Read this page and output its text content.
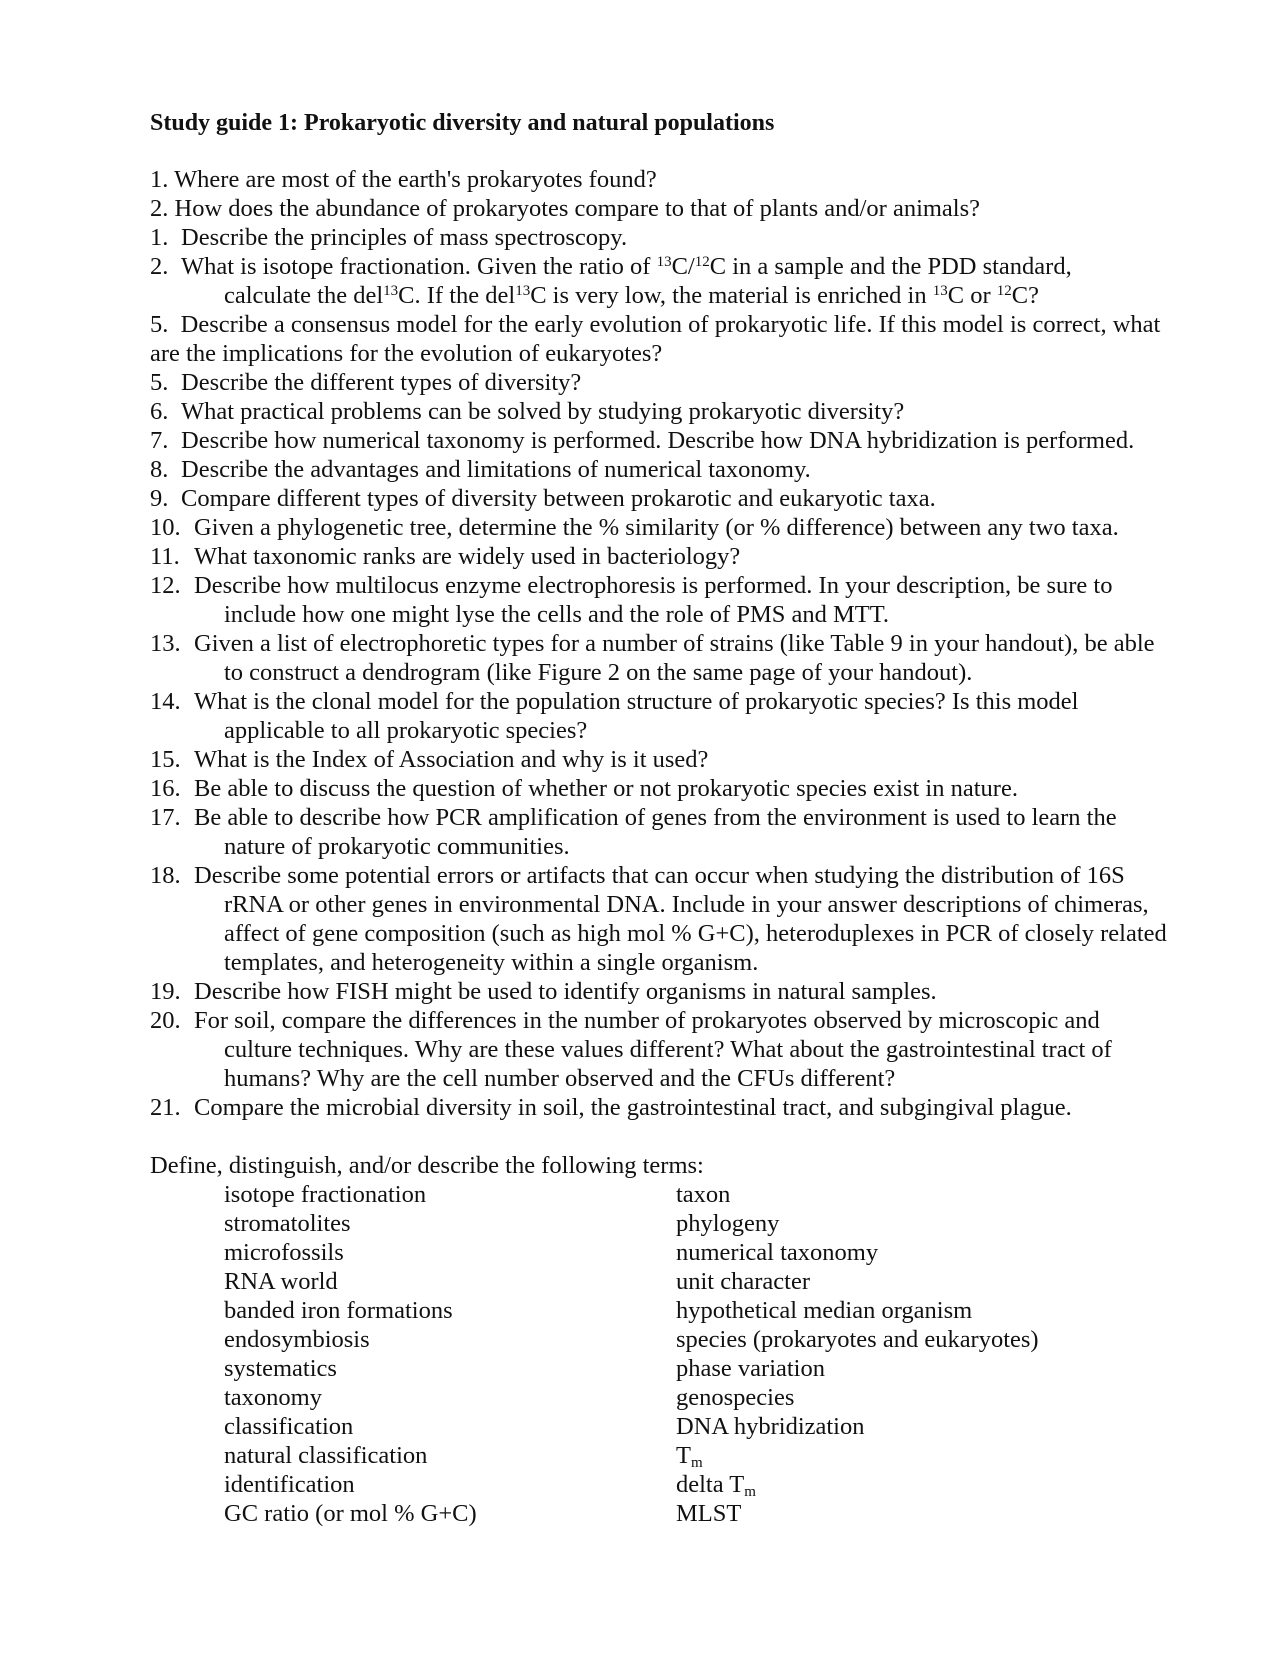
Study guide 1: Prokaryotic diversity and natural populations
1. Where are most of the earth's prokaryotes found?
2. How does the abundance of prokaryotes compare to that of plants and/or animals?
1. Describe the principles of mass spectroscopy.
2. What is isotope fractionation. Given the ratio of $^{13}$C/$^{12}$C in a sample and the PDD standard,
calculate the del$^{13}$C. If the del$^{13}$C is very low, the material is enriched in $^{13}$C or $^{12}$C?
5. Describe a consensus model for the early evolution of prokaryotic life. If this model is correct, what are the implications for the evolution of eukaryotes?
5. Describe the different types of diversity?
6. What practical problems can be solved by studying prokaryotic diversity?
7. Describe how numerical taxonomy is performed. Describe how DNA hybridization is performed.
8. Describe the advantages and limitations of numerical taxonomy.
9. Compare different types of diversity between prokarotic and eukaryotic taxa.
10. Given a phylogenetic tree, determine the % similarity (or % difference) between any two taxa.
11. What taxonomic ranks are widely used in bacteriology?
12. Describe how multilocus enzyme electrophoresis is performed. In your description, be sure to include how one might lyse the cells and the role of PMS and MTT.
13. Given a list of electrophoretic types for a number of strains (like Table 9 in your handout), be able to construct a dendrogram (like Figure 2 on the same page of your handout).
14. What is the clonal model for the population structure of prokaryotic species? Is this model applicable to all prokaryotic species?
15. What is the Index of Association and why is it used?
16. Be able to discuss the question of whether or not prokaryotic species exist in nature.
17. Be able to describe how PCR amplification of genes from the environment is used to learn the nature of prokaryotic communities.
18. Describe some potential errors or artifacts that can occur when studying the distribution of 16S rRNA or other genes in environmental DNA. Include in your answer descriptions of chimeras, affect of gene composition (such as high mol % G+C), heteroduplexes in PCR of closely related templates, and heterogeneity within a single organism.
19. Describe how FISH might be used to identify organisms in natural samples.
20. For soil, compare the differences in the number of prokaryotes observed by microscopic and culture techniques. Why are these values different? What about the gastrointestinal tract of humans? Why are the cell number observed and the CFUs different?
21. Compare the microbial diversity in soil, the gastrointestinal tract, and subgingival plague.
Define, distinguish, and/or describe the following terms:
isotope fractionation
stromatolites
microfossils
RNA world
banded iron formations
endosymbiosis
systematics
taxonomy
classification
natural classification
identification
GC ratio (or mol % G+C)
taxon
phylogeny
numerical taxonomy
unit character
hypothetical median organism
species (prokaryotes and eukaryotes)
phase variation
genospecies
DNA hybridization
$T_m$
delta $T_m$
MLST
